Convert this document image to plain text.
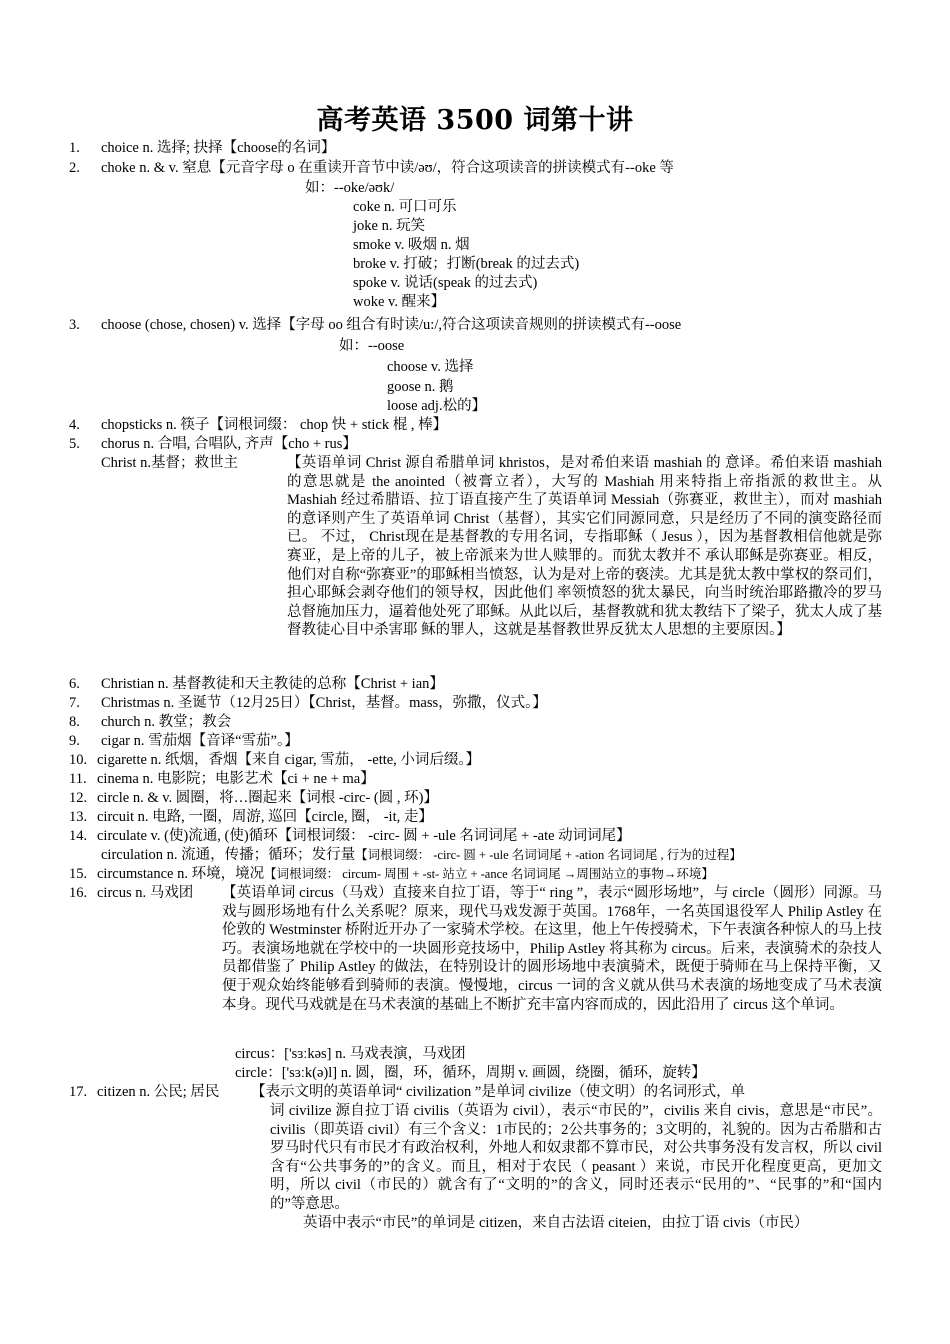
高考英语 3500 词第十讲
1. choice n. 选择; 抉择【choose的名词】
2. choke n. & v. 窒息【元音字母 o 在重读开音节中读/əʊ/，符合这项读音的拼读模式有--oke 等
如：--oke/əʊk/
coke n. 可口可乐
joke n. 玩笑
smoke v. 吸烟 n. 烟
broke v. 打破；打断(break 的过去式)
spoke v. 说话(speak 的过去式)
woke v. 醒来】
3. choose (chose, chosen) v. 选择【字母 oo 组合有时读/u:/,符合这项读音规则的拼读模式有--oose
如：--oose
choose v. 选择
goose n. 鹅
loose adj.松的】
4. chopsticks n. 筷子【词根词缀： chop 快 + stick 棍 , 棒】
5. chorus n. 合唱, 合唱队, 齐声【cho + rus】
Christ n.基督；救世主	【英语单词 Christ 源自希腊单词 khristos，是对希伯来语 mashiah 的 意译。希伯来语 mashiah 的意思就是 the anointed（被膏立者），大写的 Mashiah 用来特指上帝指派的救世主。从 Mashiah 经过希腊语、拉丁语直接产生了英语单词 Messiah（弥赛亚，救世主），而对 mashiah 的意译则产生了英语单词 Christ（基督），其实它们同源同意，只是经历了不同的演变路径而已。 不过， Christ现在是基督教的专用名词，专指耶稣（ Jesus ），因为基督教相信他就是弥赛亚，是上帝的儿子，被上帝派来为世人赎罪的。而犹太教并不 承认耶稣是弥赛亚。相反，他们对自称“弥赛亚”的耶稣相当愤怒，认为是对上帝的亵渎。尤其是犹太教中掌权的祭司们，担心耶稣会剥夺他们的领导权，因此他们 率领愤怒的犹太暴民，向当时统治耶路撒冷的罗马总督施加压力，逼着他处死了耶稣。从此以后，基督教就和犹太教结下了梁子，犹太人成了基督教徒心目中杀害耶 稣的罪人，这就是基督教世界反犹太人思想的主要原因。】
6. Christian n. 基督教徒和天主教徒的总称【Christ + ian】
7. Christmas n. 圣诞节（12月25日）【Christ，基督。mass，弥撒，仪式。】
8. church n. 教堂；教会
9. cigar n. 雪茄烟【音译“雪茄”。】
10. cigarette n. 纸烟，香烟【来自 cigar, 雪茄， -ette, 小词后缀。】
11. cinema n. 电影院；电影艺术【ci + ne + ma】
12. circle n. & v. 圆圈，将…圈起来【词根 -circ- (圆 , 环)】
13. circuit n. 电路, 一圈，周游, 巡回【circle, 圈， -it, 走】
14. circulate v. (使)流通, (使)循环【词根词缀： -circ- 圆 + -ule 名词词尾 + -ate 动词词尾】
circulation n. 流通，传播；循环；发行量【词根词缀： -circ- 圆 + -ule 名词词尾 + -ation 名词词尾 , 行为的过程】
15. circumstance n. 环境，境况【词根词缀： circum- 周围 + -st- 站立 + -ance 名词词尾 →周围站立的事物→环境】
16. circus n. 马戏团 【英语单词 circus（马戏）直接来自拉丁语，等于“ ring ”，表示“圆形场地”，与 circle（圆形）同源。马戏与圆形场地有什么关系呢？原来，现代马戏发源于英国。1768年，一名英国退役军人 Philip Astley 在伦敦的 Westminster 桥附近开办了一家骑术学校。在这里，他上午传授骑术，下午表演各种惊人的马上技巧。表演场地就在学校中的一块圆形竞技场中，Philip Astley 将其称为 circus。后来，表演骑术的杂技人员都借鉴了 Philip Astley 的做法，在特别设计的圆形场地中表演骑术，既便于骑师在马上保持平衡，又便于观众始终能够看到骑师的表演。慢慢地，circus 一词的含义就从供马术表演的场地变成了马术表演本身。现代马戏就是在马术表演的基础上不断扩充丰富内容而成的，因此沿用了 circus 这个单词。
circus：['sɜːkəs] n. 马戏表演，马戏团
circle：['sɜːk(ə)l] n. 圆，圈，环，循环，周期 v. 画圆，绕圈，循环，旋转】
17. citizen n. 公民; 居民 【表示文明的英语单词“ civilization ”是单词 civilize（使文明）的名词形式，单
词 civilize 源自拉丁语 civilis（英语为 civil），表示“市民的”，civilis 来自 civis，意思是“市民”。civilis（即英语 civil）有三个含义：1市民的；2公共事务的；3文明的，礼貌的。因为古希腊和古罗马时代只有市民才有政治权利，外地人和奴隶都不算市民，对公共事务没有发言权，所以 civil 含有“公共事务的”的含义。而且，相对于农民（ peasant ）来说，市民开化程度更高，更加文明，所以 civil（市民的）就含有了“文明的”的含义，同时还表示“民用的”、“民事的”和“国内的”等意思。
英语中表示“市民”的单词是 citizen，来自古法语 citeien，由拉丁语 civis（市民）
